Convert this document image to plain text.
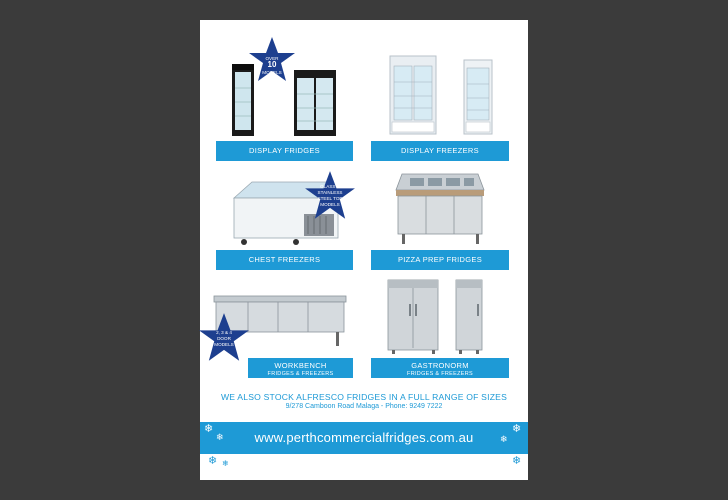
OVER
10
MODELS
DISPLAY FRIDGES	DISPLAY FREEZERS
GLASS &
STAINLESS
STEEL TOP
MODELS
CHEST FREEZERS	PIZZA PREP FRIDGES
2, 3 & 4
DOOR
MODELS
WORKBENCH
FRIDGES & FREEZERS
GASTRONORM
FRIDGES & FREEZERS
WE ALSO STOCK ALFRESCO FRIDGES IN A FULL RANGE OF SIZES
9/278 Camboon Road Malaga - Phone: 9249 7222
❄
❄
❄
❄
www.perthcommercialfridges.com.au
❄ ❄	❄
